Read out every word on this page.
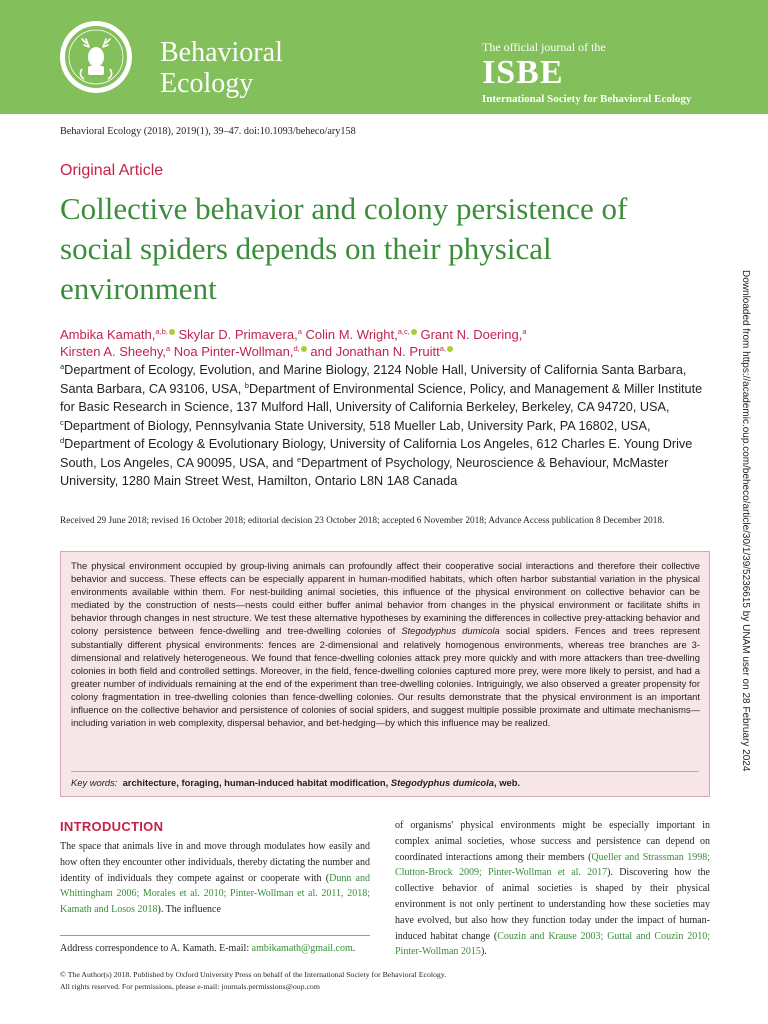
Behavioral
Ecology
The official journal of the
ISBE
International Society for Behavioral Ecology
Behavioral Ecology (2018), 2019(1), 39–47. doi:10.1093/beheco/ary158
Original Article
Collective behavior and colony persistence of social spiders depends on their physical environment
Ambika Kamath,$^{a,b,}$ Skylar D. Primavera,$^a$ Colin M. Wright,$^{a,c,}$ Grant N. Doering,$^a$
Kirsten A. Sheehy,$^a$ Noa Pinter-Wollman,$^{d,}$ and Jonathan N. Pruitt$^{a,}$

$^a$Department of Ecology, Evolution, and Marine Biology, 2124 Noble Hall, University of California Santa Barbara, Santa Barbara, CA 93106, USA, $^b$Department of Environmental Science, Policy, and Management & Miller Institute for Basic Research in Science, 137 Mulford Hall, University of California Berkeley, Berkeley, CA 94720, USA, $^c$Department of Biology, Pennsylvania State University, 518 Mueller Lab, University Park, PA 16802, USA, $^d$Department of Ecology & Evolutionary Biology, University of California Los Angeles, 612 Charles E. Young Drive South, Los Angeles, CA 90095, USA, and $^e$Department of Psychology, Neuroscience & Behaviour, McMaster University, 1280 Main Street West, Hamilton, Ontario L8N 1A8 Canada

Received 29 June 2018; revised 16 October 2018; editorial decision 23 October 2018; accepted 6 November 2018; Advance Access publication 8 December 2018.

The physical environment occupied by group-living animals can profoundly affect their cooperative social interactions and therefore their collective behavior and success. These effects can be especially apparent in human-modified habitats, which often harbor substantial variation in the physical environments available within them. For nest-building animal societies, this influence of the physical environment on collective behavior can be mediated by the construction of nests—nests could either buffer animal behavior from changes in the physical environment or facilitate shifts in behavior through changes in nest structure. We test these alternative hypotheses by examining the differences in collective prey-attacking behavior and colony persistence between fence-dwelling and tree-dwelling colonies of Stegodyphus dumicola social spiders. Fences and trees represent substantially different physical environments: fences are 2-dimensional and relatively homogenous environments, whereas tree branches are 3-dimensional and relatively heterogeneous. We found that fence-dwelling colonies attack prey more quickly and with more attackers than tree-dwelling colonies in both field and controlled settings. Moreover, in the field, fence-dwelling colonies captured more prey, were more likely to persist, and had a greater number of individuals remaining at the end of the experiment than tree-dwelling colonies. Intriguingly, we also observed a greater propensity for colony fragmentation in tree-dwelling colonies than fence-dwelling colonies. Our results demonstrate that the physical environment is an important influence on the collective behavior and persistence of colonies of social spiders, and suggest multiple possible proximate and ultimate mechanisms—including variation in web complexity, dispersal behavior, and bet-hedging—by which this influence may be realized.

Key words: architecture, foraging, human-induced habitat modification, Stegodyphus dumicola, web.
INTRODUCTION

The space that animals live in and move through modulates how easily and how often they encounter other individuals, thereby dictating the number and identity of individuals they compete against or cooperate with (Dunn and Whittingham 2006; Morales et al. 2010; Pinter-Wollman et al. 2011, 2018; Kamath and Losos 2018). The influence

of organisms' physical environments might be especially important in complex animal societies, whose success and persistence can depend on coordinated interactions among their members (Queller and Strassman 1998; Clutton-Brock 2009; Pinter-Wollman et al. 2017). Discovering how the collective behavior of animal societies is shaped by their physical environment is not only pertinent to understanding how these societies may have evolved, but also how they function today under the impact of human-induced habitat change (Couzin and Krause 2003; Guttal and Couzin 2010; Pinter-Wollman 2015).

Address correspondence to A. Kamath. E-mail: ambikamath@gmail.com.
© The Author(s) 2018. Published by Oxford University Press on behalf of the International Society for Behavioral Ecology.
All rights reserved. For permissions, please e-mail: journals.permissions@oup.com
Downloaded from https://academic.oup.com/beheco/article/30/1/39/5236615 by UNAM user on 28 February 2024
